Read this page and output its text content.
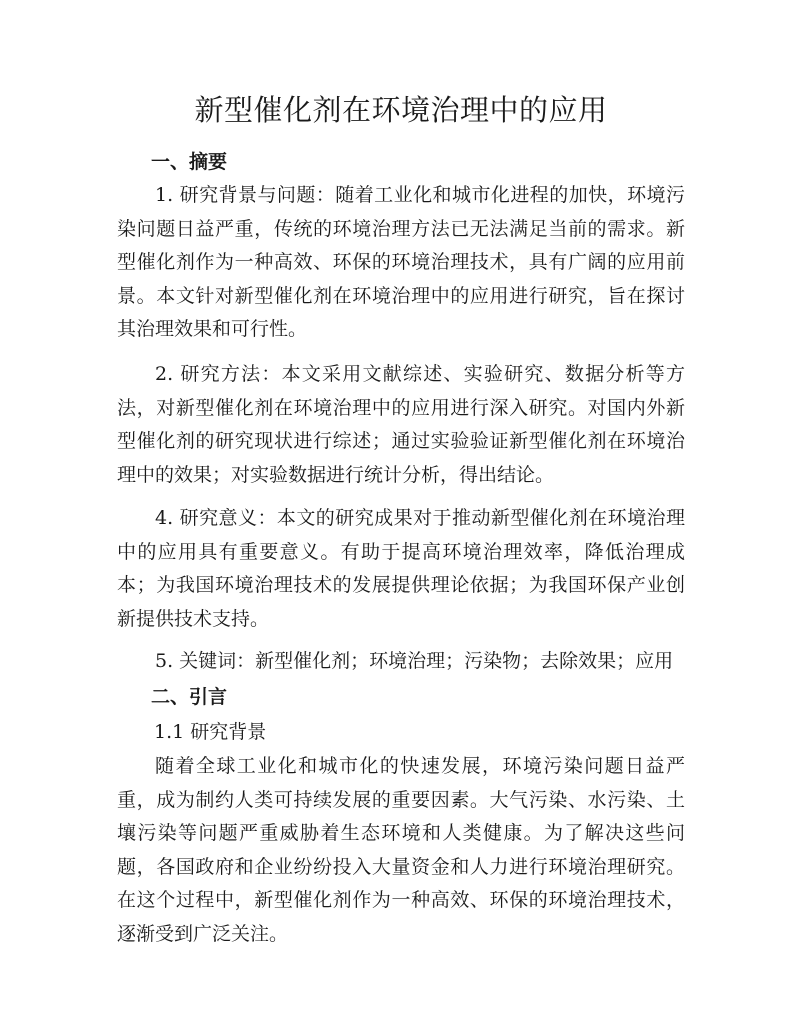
新型催化剂在环境治理中的应用
一、摘要

1. 研究背景与问题：随着工业化和城市化进程的加快，环境污染问题日益严重，传统的环境治理方法已无法满足当前的需求。新型催化剂作为一种高效、环保的环境治理技术，具有广阔的应用前景。本文针对新型催化剂在环境治理中的应用进行研究，旨在探讨其治理效果和可行性。

2. 研究方法：本文采用文献综述、实验研究、数据分析等方法，对新型催化剂在环境治理中的应用进行深入研究。对国内外新型催化剂的研究现状进行综述；通过实验验证新型催化剂在环境治理中的效果；对实验数据进行统计分析，得出结论。

4. 研究意义：本文的研究成果对于推动新型催化剂在环境治理中的应用具有重要意义。有助于提高环境治理效率，降低治理成本；为我国环境治理技术的发展提供理论依据；为我国环保产业创新提供技术支持。

5. 关键词：新型催化剂；环境治理；污染物；去除效果；应用

二、引言

1.1 研究背景

随着全球工业化和城市化的快速发展，环境污染问题日益严重，成为制约人类可持续发展的重要因素。大气污染、水污染、土壤污染等问题严重威胁着生态环境和人类健康。为了解决这些问题，各国政府和企业纷纷投入大量资金和人力进行环境治理研究。在这个过程中，新型催化剂作为一种高效、环保的环境治理技术，逐渐受到广泛关注。
